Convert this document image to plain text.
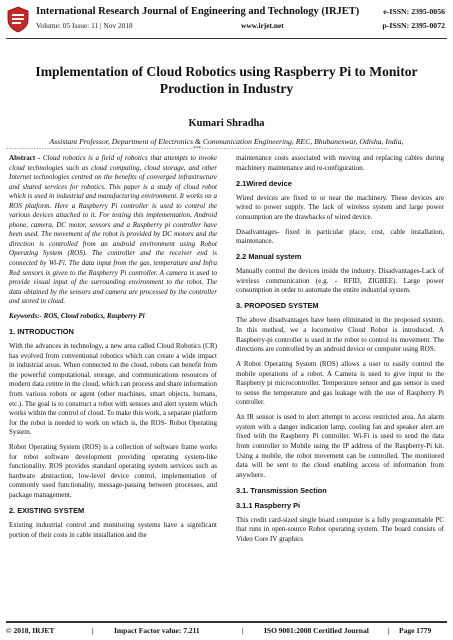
International Research Journal of Engineering and Technology (IRJET)
Volume: 05 Issue: 11 | Nov 2018	www.irjet.net
e-ISSN: 2395-0056
p-ISSN: 2395-0072
Implementation of Cloud Robotics using Raspberry Pi to Monitor Production in Industry
Kumari Shradha
Assistant Professor, Department of Electronics & Communication Engineering, REC, Bhubaneswar, Odisha, India,
---------------------------------------------------------------------***---------------------------------------------------------------------

Abstract - Cloud robotics is a field of robotics that attempts to invoke cloud technologies such as cloud computing, cloud storage, and other Internet technologies centred on the benefits of converged infrastructure and shared services for robotics. This paper is a study of cloud robot which is used in industrial and manufacturing environment. It works on a ROS platform. Here a Raspberry Pi controller is used to control the various devices attached to it. For testing this implementation, Android phone, camera, DC motor, sensors and a Raspberry pi controller have been used. The movement of the robot is provided by DC motors and the direction is controlled from an android environment using Robot Operating System (ROS). The controller and the receiver end is connected by Wi-Fi. The data input from the gas, temperature and Infra Red sensors is given to the Raspberry Pi controller. A camera is used to provide visual input of the surrounding environment to the robot. The data obtained by the sensors and camera are processed by the controller and stored in cloud.

Keywords:- ROS, Cloud robotics, Raspberry Pi

1. INTRODUCTION

With the advances in technology, a new area called Cloud Robotics (CR) has evolved from conventional robotics which can create a wide impact in industrial areas. When connected to the cloud, robots can benefit from the powerful computational, storage, and communications resources of modern data centre in the cloud, which can process and share information from various robots or agent (other machines, smart objects, humans, etc.). The goal is to construct a robot with sensors and alert system which works within the control of cloud. To make this work, a separate platform for the robot is needed to work on which is, the ROS- Robot Operating System.

Robot Operating System (ROS) is a collection of software frame works for robot software development providing operating system-like functionality. ROS provides standard operating system services such as hardware abstraction, low-level device control, implementation of commonly used functionality, message-passing between processes, and package management.

2. EXISTING SYSTEM

Existing industrial control and monitoring systems have a significant portion of their costs in cable installation and the

maintenance costs associated with moving and replacing cables during machinery maintenance and re-configuration.

2.1Wired device

Wired devices are fixed to or near the machinery. These devices are wired to power supply. The lack of wireless system and large power consumption are the drawbacks of wired device.

Disadvantages- fixed in particular place, cost, cable installation, maintenance.

2.2 Manual system

Manually control the devices inside the industry. Disadvantages-Lack of wireless communication (e.g. - RFID, ZIGBEE). Large power consumption in order to automate the entire industrial system.

3. PROPOSED SYSTEM

The above disadvantages have been eliminated in the proposed system. In this method, we a locomotive Cloud Robot is introduced. A Raspberry-pi controller is used in the robot to control its movement. The directions are controlled by an android device or computer using ROS.

A Robot Operating System (ROS) allows a user to easily control the mobile operations of a robot. A Camera is used to give input to the Raspberry pi microcontroller. Temperature sensor and gas sensor is used to sense the temperature and gas leakage with the use of Raspberry Pi controller.

An IR sensor is used to alert attempt to access restricted area. An alarm system with a danger indication lamp, cooling fan and speaker alert are fixed with the Raspberry Pi controller. Wi-Fi is used to send the data from controller to Mobile using the IP address of the Raspberry-Pi kit. Using a mobile, the robot movement can be controlled. The monitored data will be sent to the cloud enabling access of information from anywhere.

3.1. Transmission Section
3.1.1 Raspberry Pi

This credit card-sized single board computer is a fully programmable PC that runs in open-source Robot operating system. The board consists of Video Core IV graphics

© 2018, IRJET	|	Impact Factor value: 7.211	|	ISO 9001:2008 Certified Journal	| Page 1779
